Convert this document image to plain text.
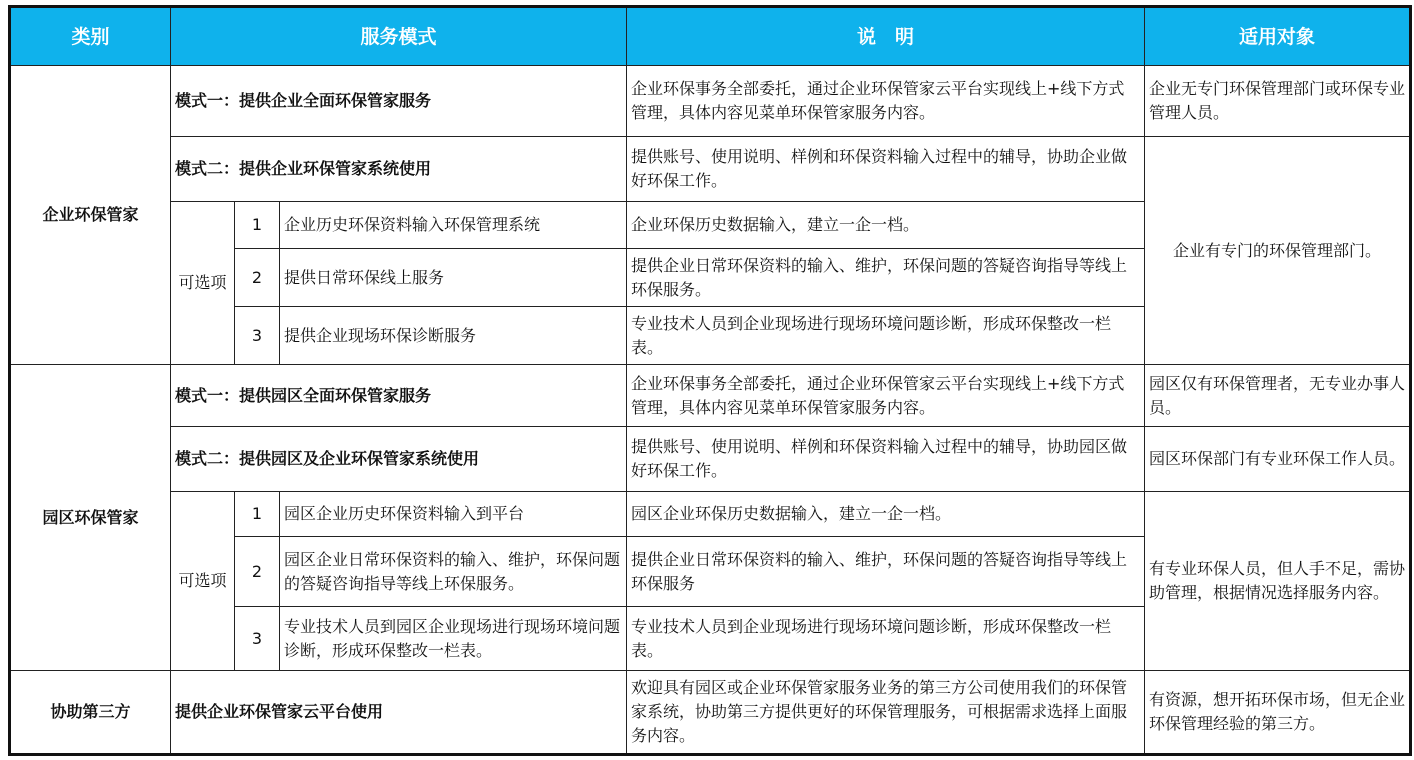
类别	服务模式			说　明	适用对象
企业环保管家	模式一：提供企业全面环保管家服务			企业环保事务全部委托，通过企业环保管家云平台实现线上+线下方式管理，具体内容见菜单环保管家服务内容。	企业无专门环保管理部门或环保专业管理人员。
	模式二：提供企业环保管家系统使用			提供账号、使用说明、样例和环保资料输入过程中的辅导，协助企业做好环保工作。	企业有专门的环保管理部门。
	可选项	1	企业历史环保资料输入环保管理系统	企业环保历史数据输入，建立一企一档。	
		2	提供日常环保线上服务	提供企业日常环保资料的输入、维护，环保问题的答疑咨询指导等线上环保服务。	
		3	提供企业现场环保诊断服务	专业技术人员到企业现场进行现场环境问题诊断，形成环保整改一栏表。	
园区环保管家	模式一：提供园区全面环保管家服务			企业环保事务全部委托，通过企业环保管家云平台实现线上+线下方式管理，具体内容见菜单环保管家服务内容。	园区仅有环保管理者，无专业办事人员。
	模式二：提供园区及企业环保管家系统使用			提供账号、使用说明、样例和环保资料输入过程中的辅导，协助园区做好环保工作。	园区环保部门有专业环保工作人员。
	可选项	1	园区企业历史环保资料输入到平台	园区企业环保历史数据输入，建立一企一档。	有专业环保人员，但人手不足，需协助管理，根据情况选择服务内容。
		2	园区企业日常环保资料的输入、维护，环保问题的答疑咨询指导等线上环保服务。	提供企业日常环保资料的输入、维护，环保问题的答疑咨询指导等线上环保服务	
		3	专业技术人员到园区企业现场进行现场环境问题诊断，形成环保整改一栏表。	专业技术人员到企业现场进行现场环境问题诊断，形成环保整改一栏表。	
协助第三方	提供企业环保管家云平台使用			欢迎具有园区或企业环保管家服务业务的第三方公司使用我们的环保管家系统，协助第三方提供更好的环保管理服务，可根据需求选择上面服务内容。	有资源，想开拓环保市场，但无企业环保管理经验的第三方。
